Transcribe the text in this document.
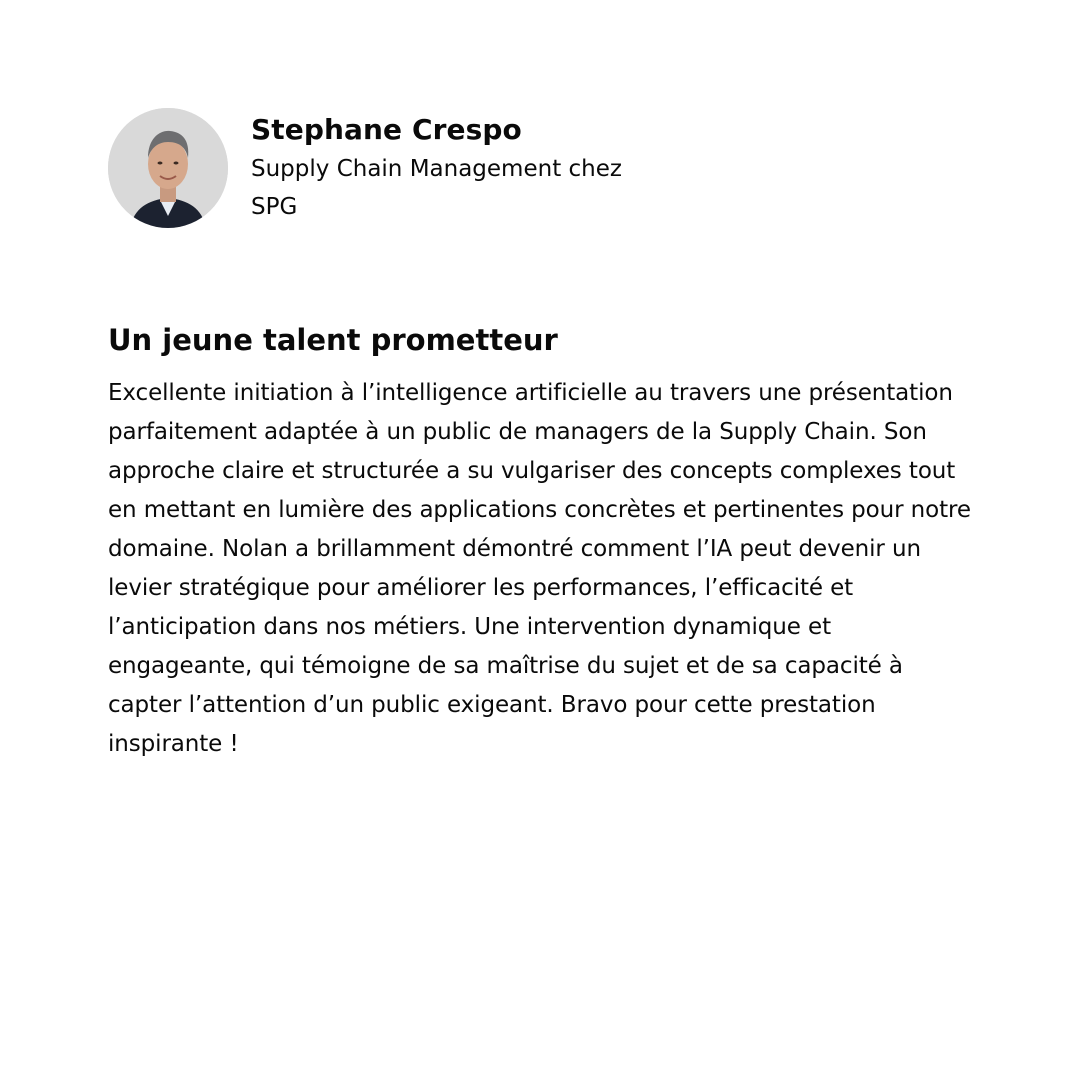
Stephane Crespo
Supply Chain Management chez SPG
Un jeune talent prometteur

Excellente initiation à l’intelligence artificielle au travers une présentation parfaitement adaptée à un public de managers de la Supply Chain. Son approche claire et structurée a su vulgariser des concepts complexes tout en mettant en lumière des applications concrètes et pertinentes pour notre domaine. Nolan a brillamment démontré comment l’IA peut devenir un levier stratégique pour améliorer les performances, l’efficacité et l’anticipation dans nos métiers. Une intervention dynamique et engageante, qui témoigne de sa maîtrise du sujet et de sa capacité à capter l’attention d’un public exigeant. Bravo pour cette prestation inspirante !
